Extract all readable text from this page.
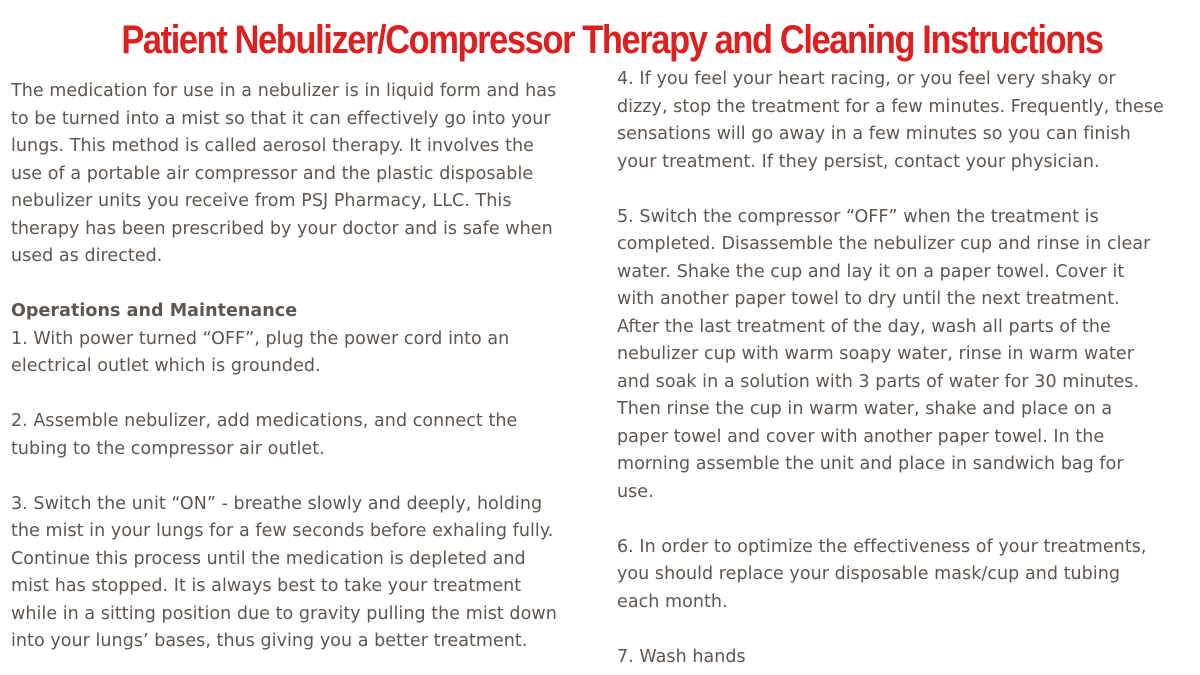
Patient Nebulizer/Compressor Therapy and Cleaning Instructions

The medication for use in a nebulizer is in liquid form and has
to be turned into a mist so that it can effectively go into your
lungs. This method is called aerosol therapy. It involves the
use of a portable air compressor and the plastic disposable
nebulizer units you receive from PSJ Pharmacy, LLC. This
therapy has been prescribed by your doctor and is safe when
used as directed.

Operations and Maintenance

1. With power turned “OFF”, plug the power cord into an
electrical outlet which is grounded.

2. Assemble nebulizer, add medications, and connect the
tubing to the compressor air outlet.

3. Switch the unit “ON” - breathe slowly and deeply, holding
the mist in your lungs for a few seconds before exhaling fully.
Continue this process until the medication is depleted and
mist has stopped. It is always best to take your treatment
while in a sitting position due to gravity pulling the mist down
into your lungs’ bases, thus giving you a better treatment.

4. If you feel your heart racing, or you feel very shaky or
dizzy, stop the treatment for a few minutes. Frequently, these
sensations will go away in a few minutes so you can finish
your treatment. If they persist, contact your physician.

5. Switch the compressor “OFF” when the treatment is
completed. Disassemble the nebulizer cup and rinse in clear
water. Shake the cup and lay it on a paper towel. Cover it
with another paper towel to dry until the next treatment.
After the last treatment of the day, wash all parts of the
nebulizer cup with warm soapy water, rinse in warm water
and soak in a solution with 3 parts of water for 30 minutes.
Then rinse the cup in warm water, shake and place on a
paper towel and cover with another paper towel. In the
morning assemble the unit and place in sandwich bag for
use.

6. In order to optimize the effectiveness of your treatments,
you should replace your disposable mask/cup and tubing
each month.

7. Wash hands
